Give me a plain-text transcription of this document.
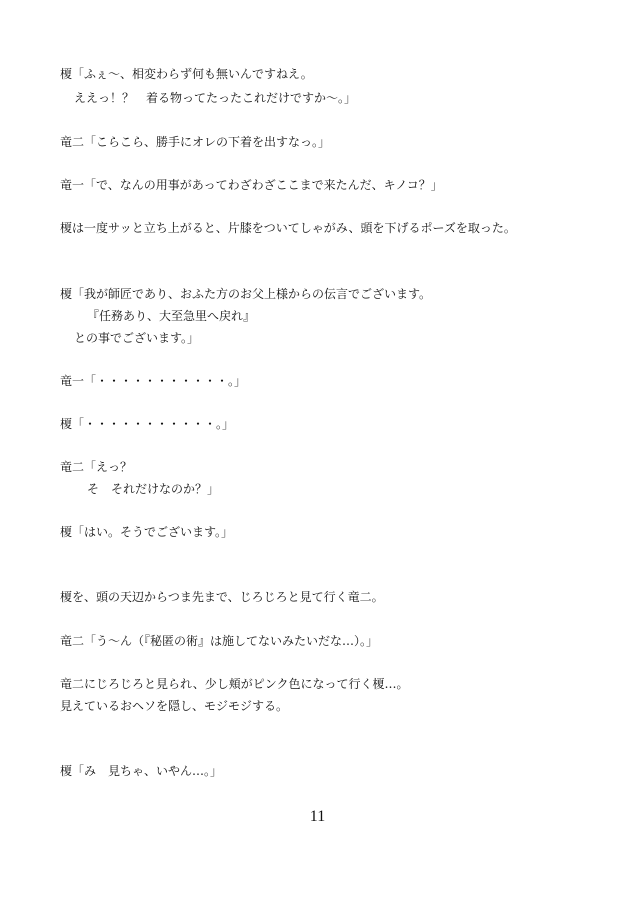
榎「ふぇ〜、相変わらず何も無いんですねえ。
ええっ！？　着る物ってたったこれだけですか〜。」
竜二「こらこら、勝手にオレの下着を出すなっ。」
竜一「で、なんの用事があってわざわざここまで来たんだ、キノコ？」
榎は一度サッと立ち上がると、片膝をついてしゃがみ、頭を下げるポーズを取った。
榎「我が師匠であり、おふた方のお父上様からの伝言でございます。
『任務あり、大至急里へ戻れ』
との事でございます。」
竜一「・・・・・・・・・・・。」
榎「・・・・・・・・・・・。」
竜二「えっ？
そ　それだけなのか？」
榎「はい。そうでございます。」
榎を、頭の天辺からつま先まで、じろじろと見て行く竜二。
竜二「う〜ん（『秘匿の術』は施してないみたいだな…）。」
竜二にじろじろと見られ、少し頬がピンク色になって行く榎…。
見えているおヘソを隠し、モジモジする。
榎「み　見ちゃ、いやん…。」
11
